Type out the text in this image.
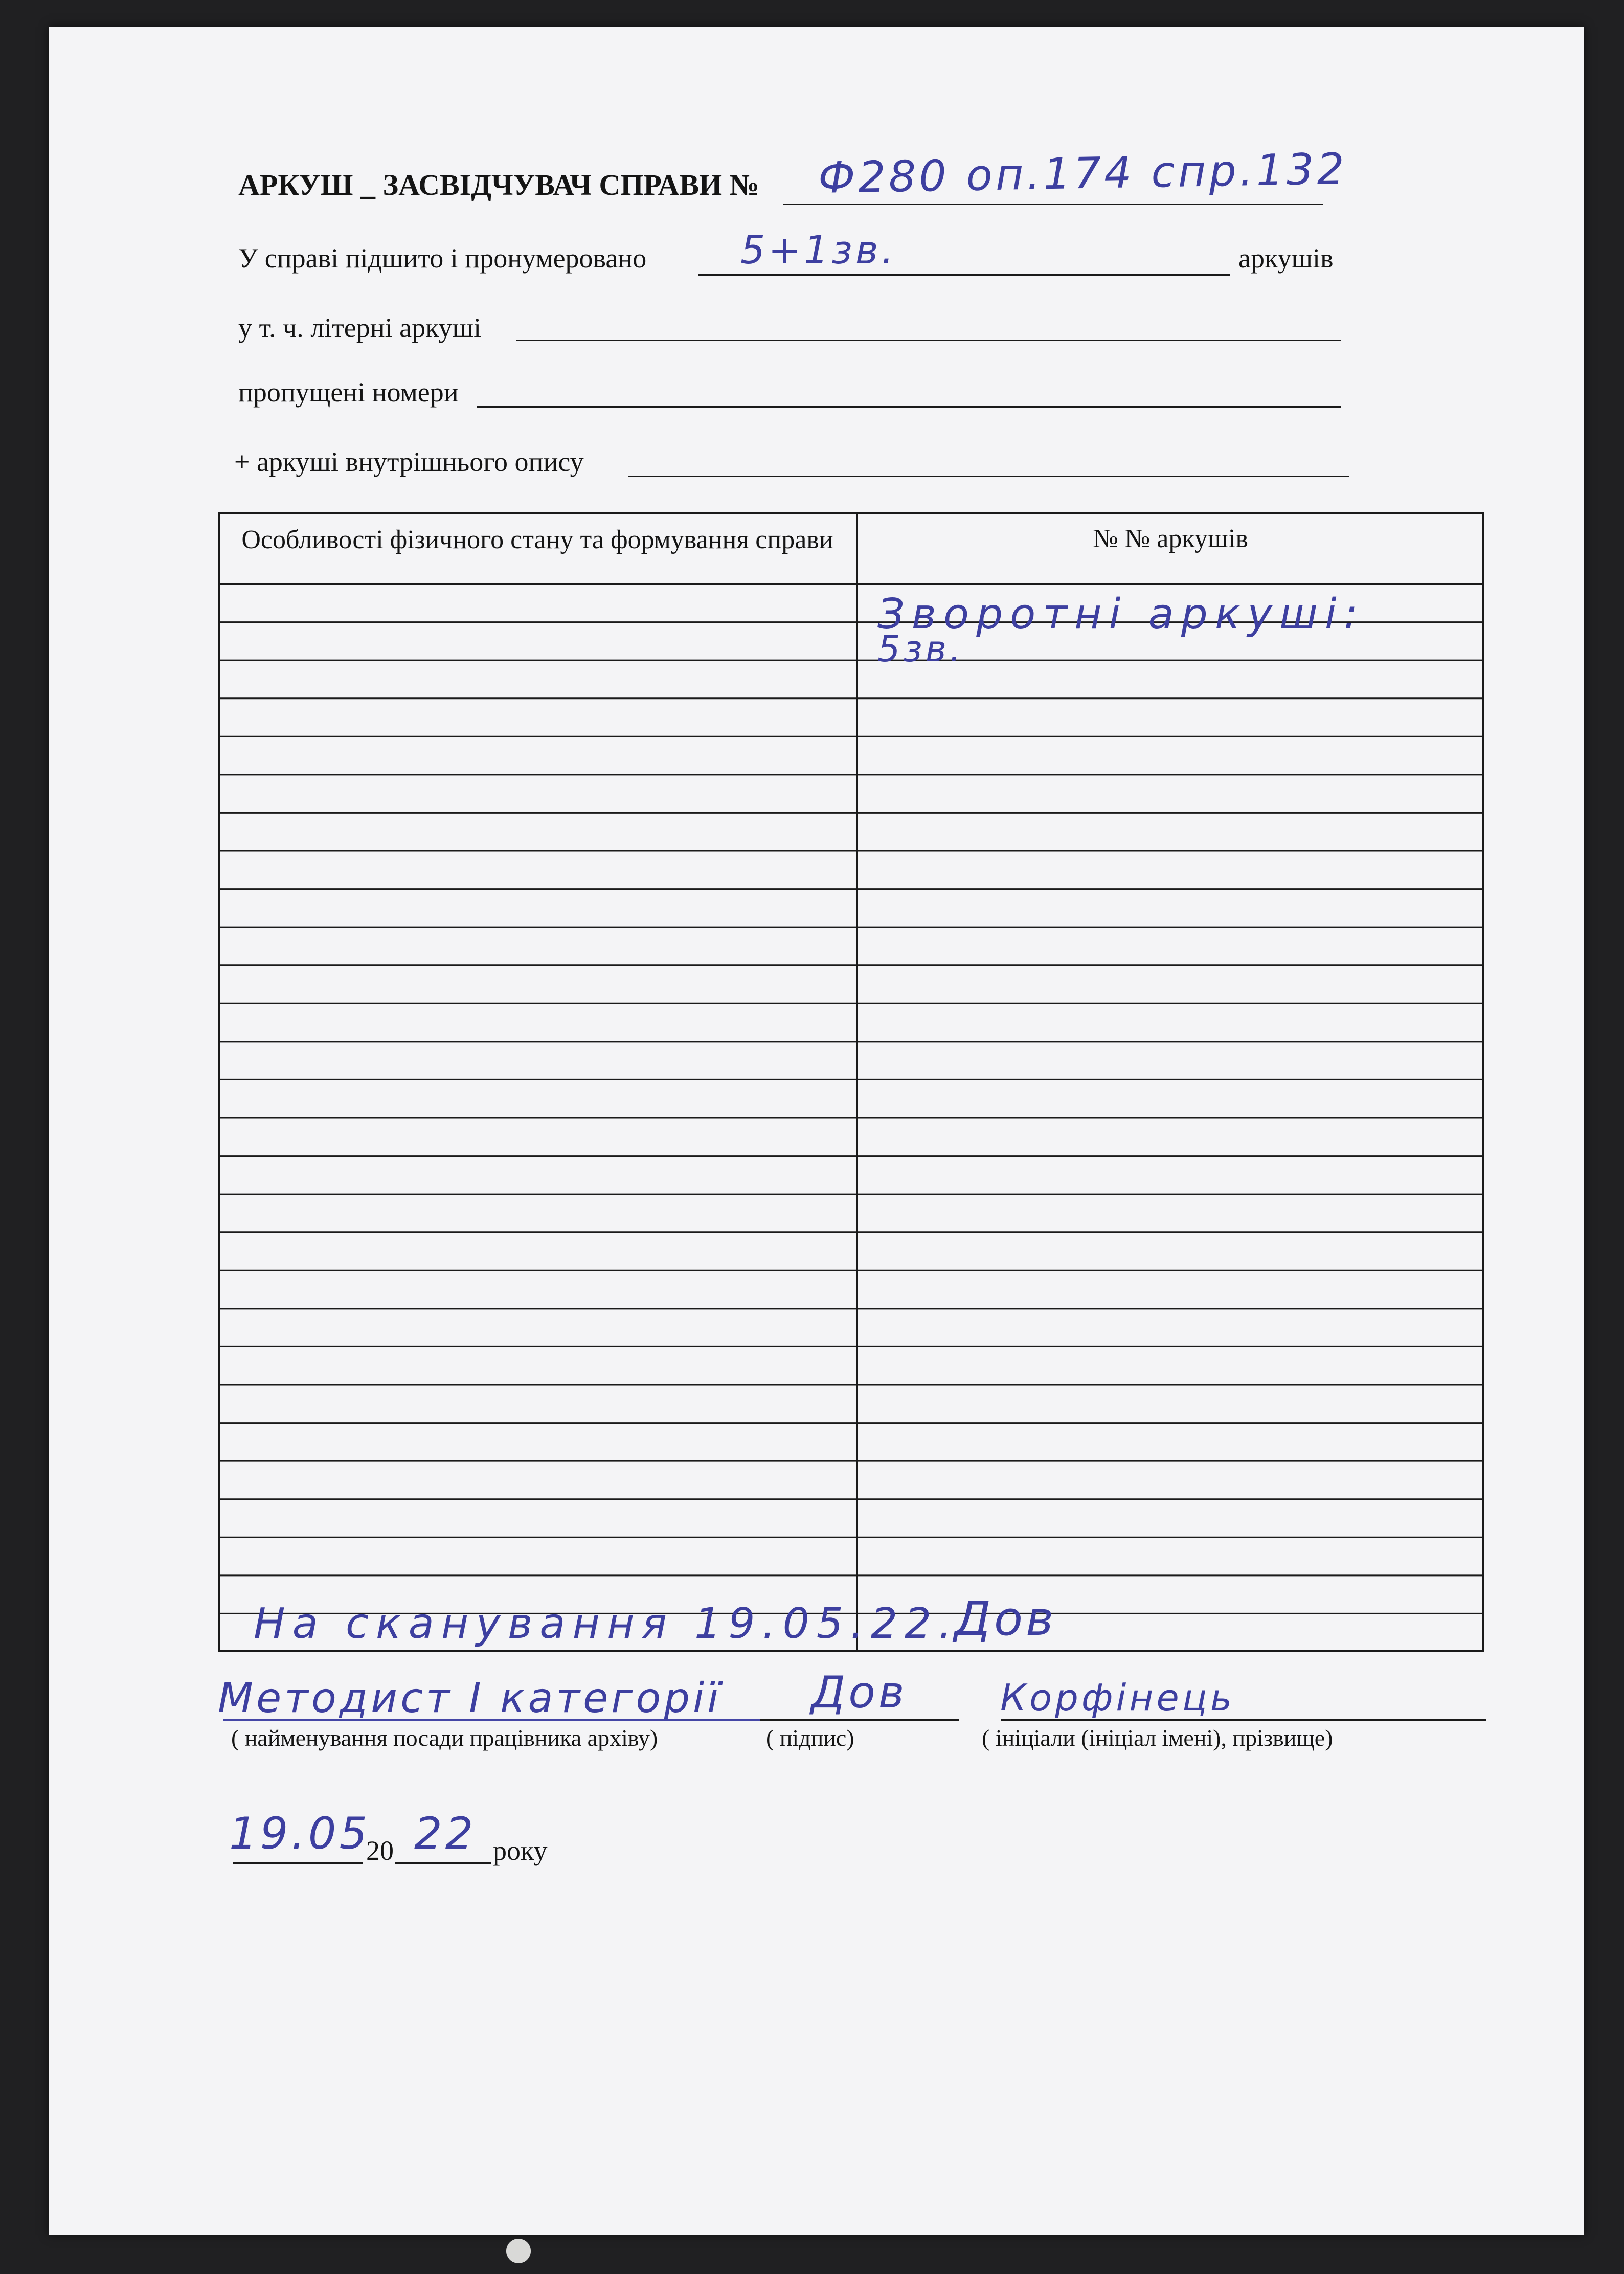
АРКУШ _ ЗАСВІДЧУВАЧ СПРАВИ № Ф280 оп.174 спр.132
У справі підшито і пронумеровано 5+1зв.	аркушів
у т. ч. літерні аркуші
пропущені номери
+ аркуші внутрішнього опису
Особливості фізичного стану та формування справи	№ № аркушів
Зворотні аркуші:
5зв.
На сканування 19.05.22.
Дов
Методист І категорії Дов	Корфінець
( найменування посади працівника архіву)	( підпис)	( ініціали (ініціал імені), прізвище)
19.05
20 22 року
